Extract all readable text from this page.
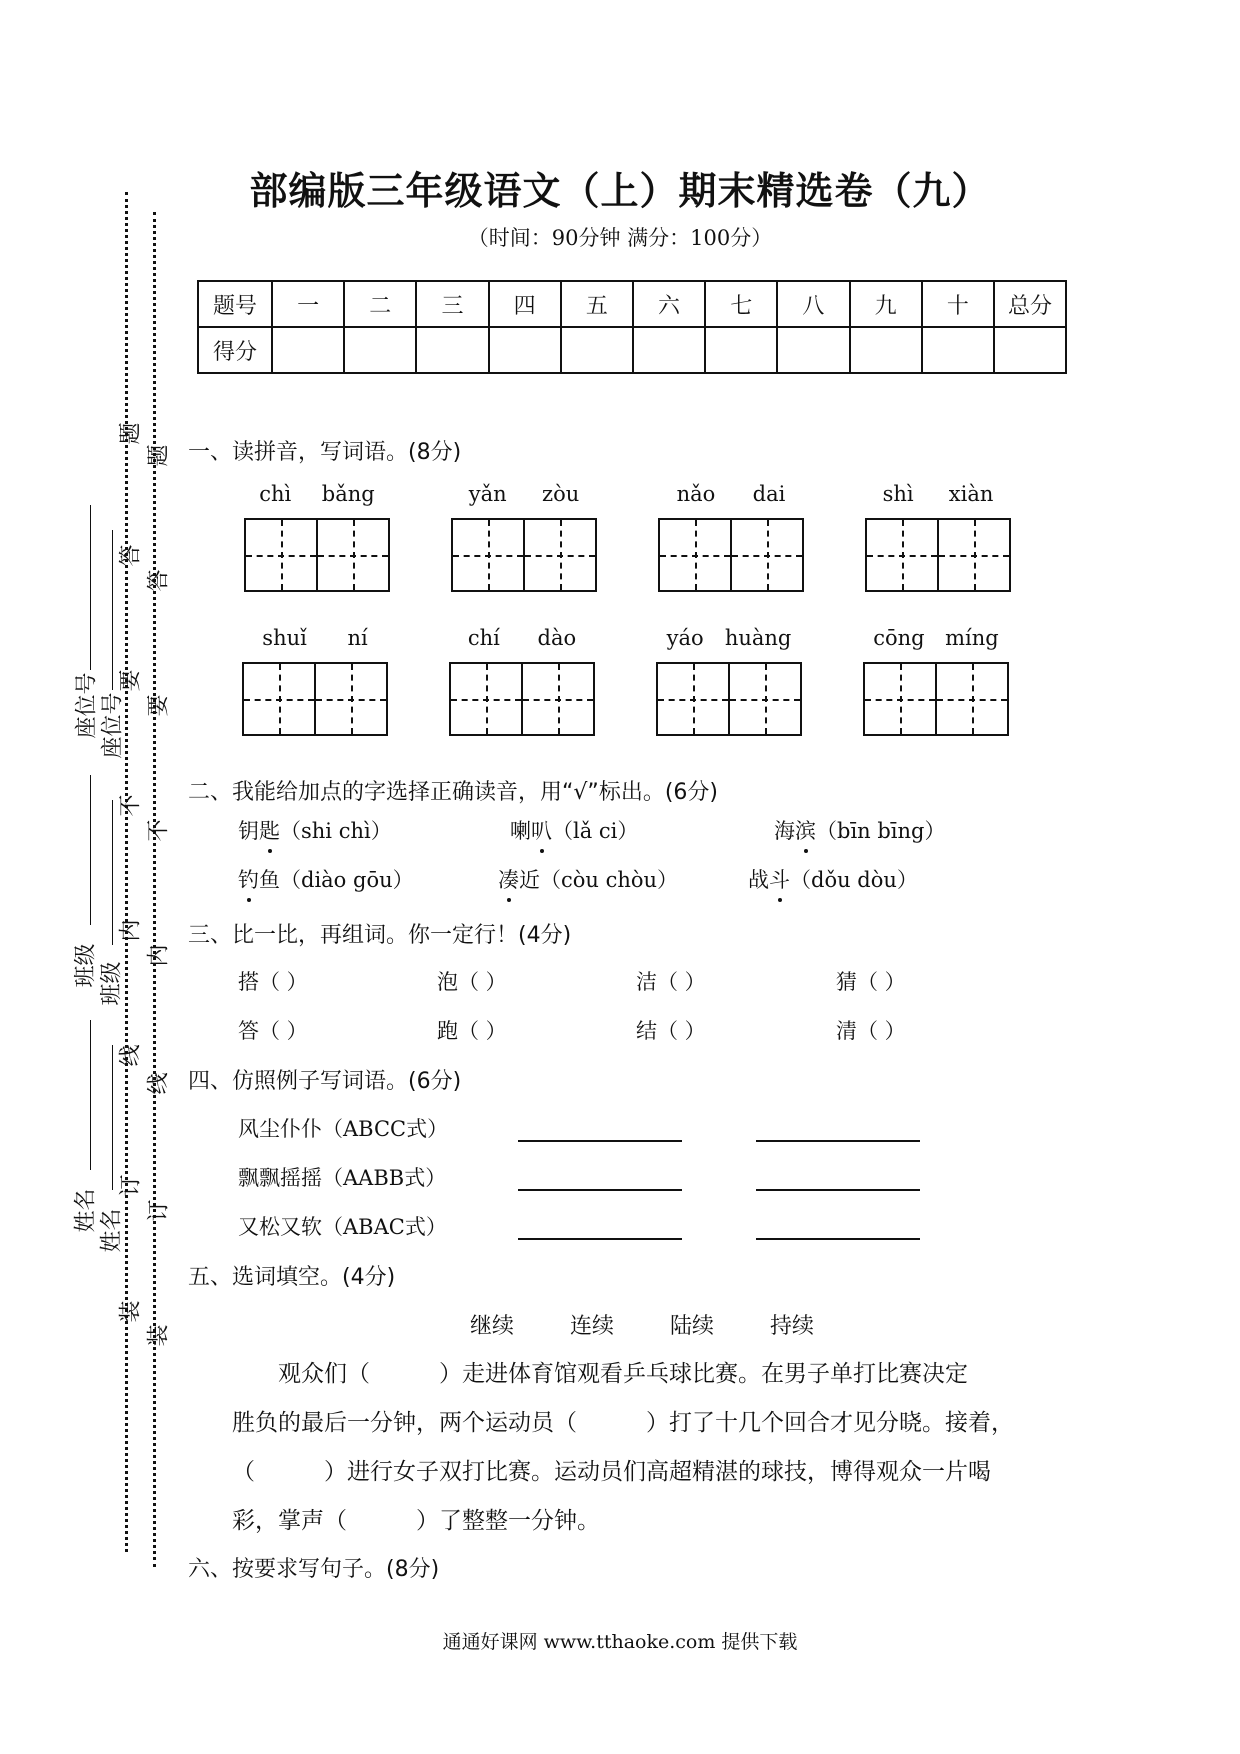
题
答
要
不
内
线
订
装
题
答
要
不
内
线
订
装
座位号 座位号
班级 班级
姓名 姓名
部编版三年级语文（上）期末精选卷（九）
（时间：90分钟 满分：100分）
题号	一	二	三	四	五	六	七	八	九	十	总分
得分											
一、读拼音，写词语。(8分)
chì bǎng	yǎn zòu	nǎo dai	shì xiàn
shuǐ ní	chí dào	yáo huàng	cōng míng
二、我能给加点的字选择正确读音，用“√”标出。(6分)
钥匙（shi chì）	喇叭（lǎ ci）	海滨（bīn bīng）
钓鱼（diào gōu）	凑近（còu chòu）	战斗（dǒu dòu）
三、比一比，再组词。你一定行！(4分)
搭（ ）	泡（ ）	洁（ ）	猜（ ）
答（ ）	跑（ ）	结（ ）	清（ ）
四、仿照例子写词语。(6分)
风尘仆仆（ABCC式）
飘飘摇摇（AABB式）
又松又软（ABAC式）
五、选词填空。(4分)
继续	连续	陆续	持续
　　观众们（　　　）走进体育馆观看乒乓球比赛。在男子单打比赛决定
胜负的最后一分钟，两个运动员（　　　）打了十几个回合才见分晓。接着，
（　　　）进行女子双打比赛。运动员们高超精湛的球技，博得观众一片喝
彩，掌声（　　　）了整整一分钟。
六、按要求写句子。(8分)
通通好课网 www.tthaoke.com 提供下载
